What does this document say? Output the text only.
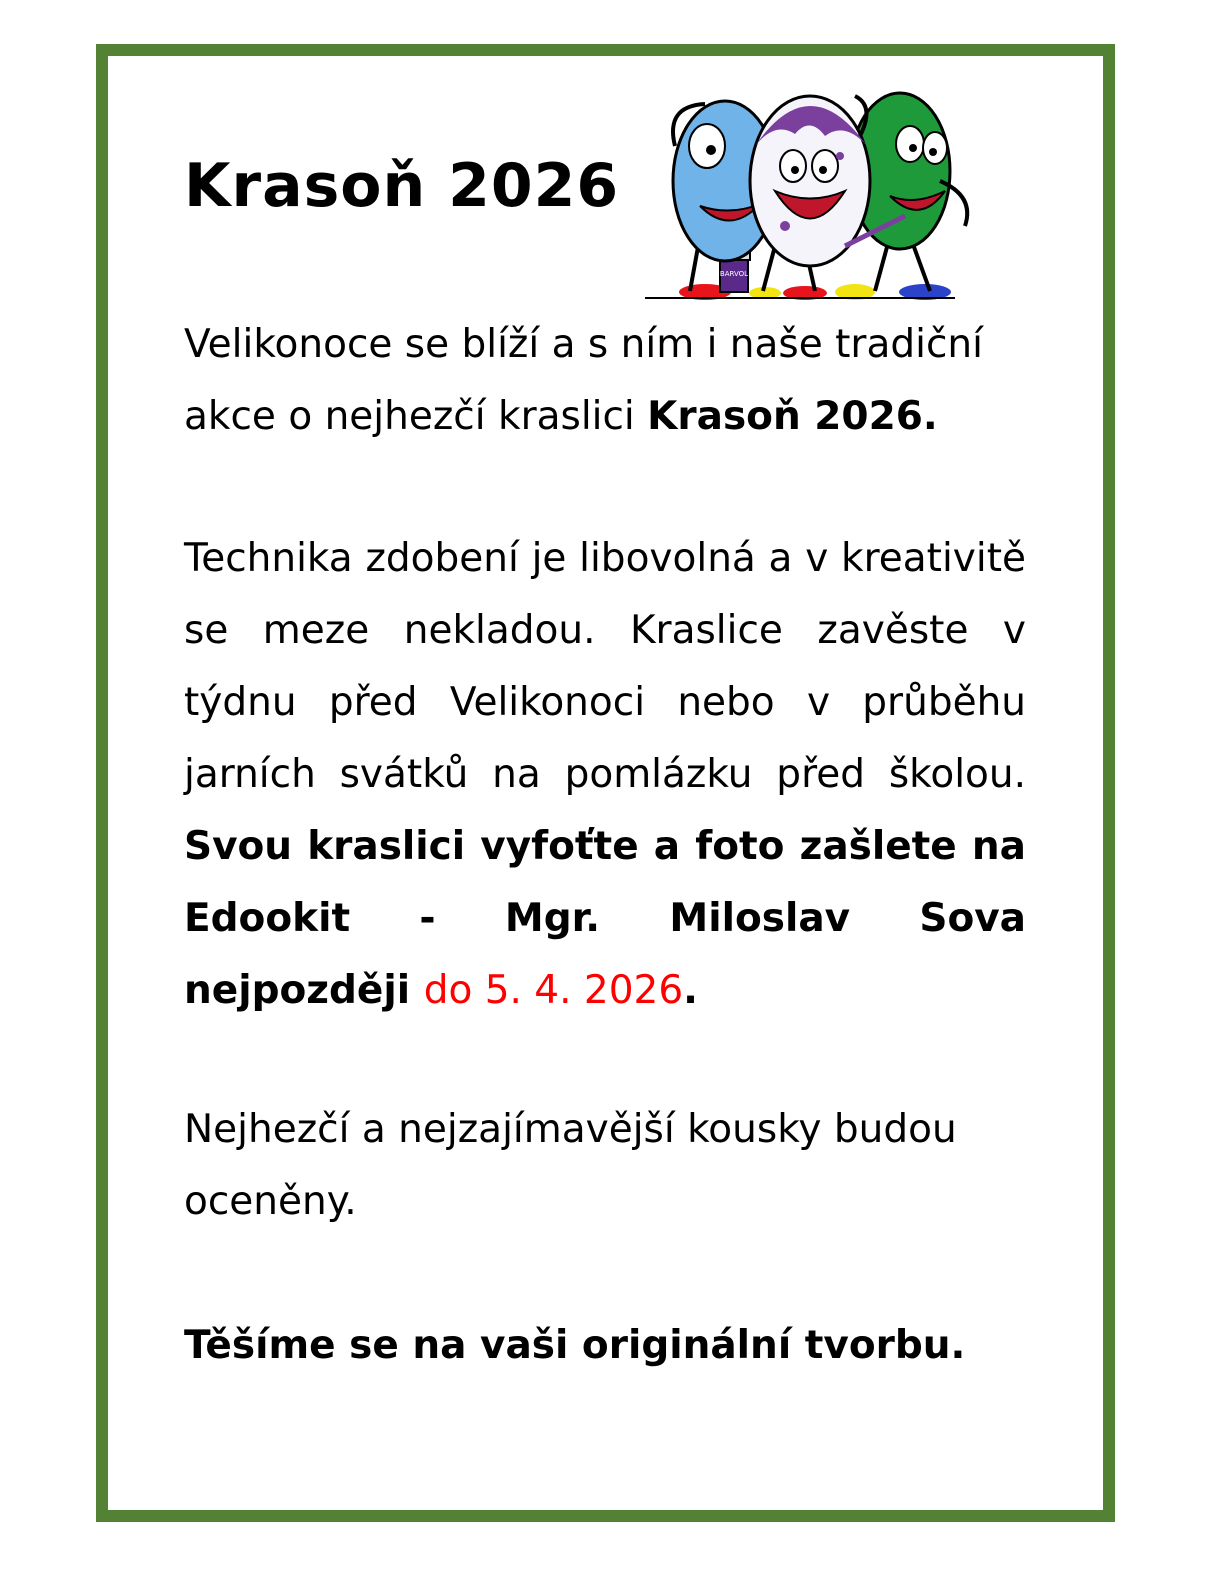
Krasoň 2026
BARVOL

Velikonoce se blíží a s ním i naše tradiční akce o nejhezčí kraslici Krasoň 2026.

Technika zdobení je libovolná a v kreativitě se meze nekladou. Kraslice zavěste v týdnu před Velikonoci nebo v průběhu jarních svátků na pomlázku před školou. Svou kraslici vyfoťte a foto zašlete na Edookit - Mgr. Miloslav Sova nejpozději do 5. 4. 2026.

Nejhezčí a nejzajímavější kousky budou oceněny.

Těšíme se na vaši originální tvorbu.
